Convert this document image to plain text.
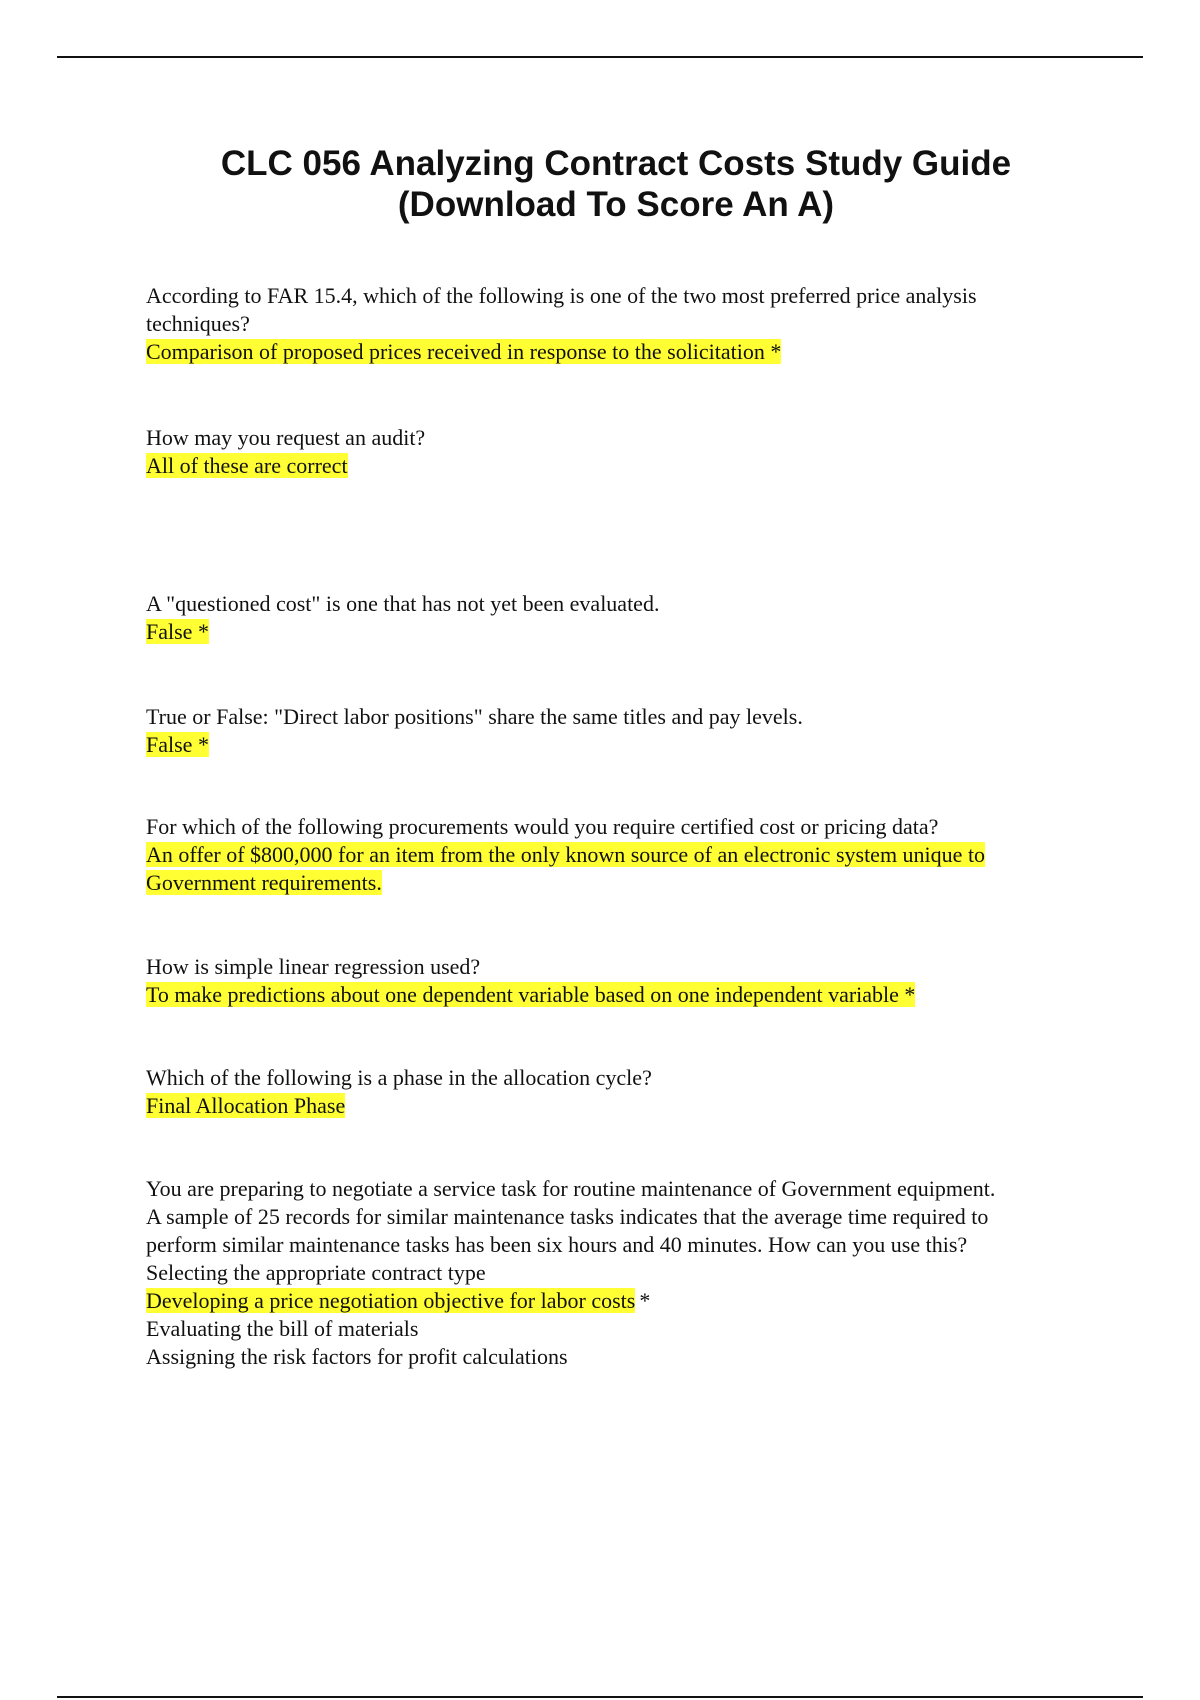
CLC 056 Analyzing Contract Costs Study Guide
(Download To Score An A)
According to FAR 15.4, which of the following is one of the two most preferred price analysis
techniques?
Comparison of proposed prices received in response to the solicitation *
How may you request an audit?
All of these are correct
A "questioned cost" is one that has not yet been evaluated.
False *
True or False: "Direct labor positions" share the same titles and pay levels.
False *
For which of the following procurements would you require certified cost or pricing data?
An offer of $800,000 for an item from the only known source of an electronic system unique to
Government requirements.
How is simple linear regression used?
To make predictions about one dependent variable based on one independent variable *
Which of the following is a phase in the allocation cycle?
Final Allocation Phase
You are preparing to negotiate a service task for routine maintenance of Government equipment.
A sample of 25 records for similar maintenance tasks indicates that the average time required to
perform similar maintenance tasks has been six hours and 40 minutes. How can you use this?
Selecting the appropriate contract type
Developing a price negotiation objective for labor costs *
Evaluating the bill of materials
Assigning the risk factors for profit calculations
